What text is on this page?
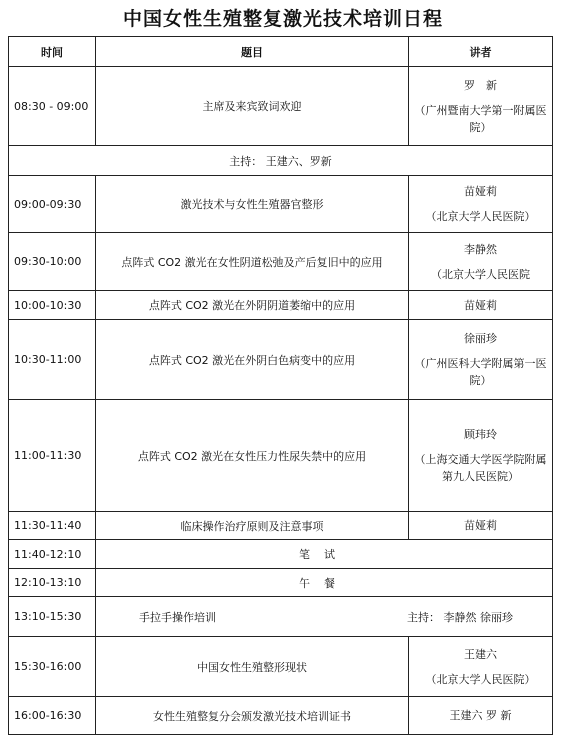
中国女性生殖整复激光技术培训日程
时间	题目	讲者
08:30 - 09:00	主席及来宾致词欢迎	罗　新
（广州暨南大学第一附属医院）

主持： 王建六、罗新		
09:00-09:30	激光技术与女性生殖器官整形	苗娅莉
（北京大学人民医院）

09:30-10:00	点阵式 CO2 激光在女性阴道松弛及产后复旧中的应用	李静然
（北京大学人民医院

10:00-10:30	点阵式 CO2 激光在外阴阴道萎缩中的应用	苗娅莉

10:30-11:00	点阵式 CO2 激光在外阴白色病变中的应用	徐丽珍
（广州医科大学附属第一医院）

11:00-11:30	点阵式 CO2 激光在女性压力性尿失禁中的应用	顾玮玲
（上海交通大学医学院附属第九人民医院）

11:30-11:40	临床操作治疗原则及注意事项	苗娅莉

11:40-12:10	笔试	
12:10-13:10	午餐	
13:10-15:30	手拉手操作培训 主持： 李静然 徐丽珍	

15:30-16:00	中国女性生殖整形现状	王建六
（北京大学人民医院）

16:00-16:30	女性生殖整复分会颁发激光技术培训证书	王建六 罗 新
